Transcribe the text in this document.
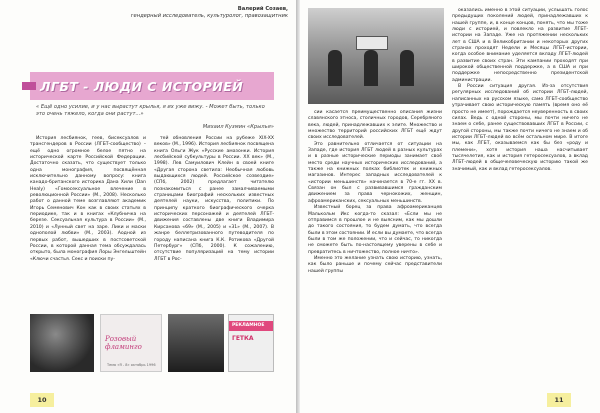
Валерий Созаев,
гендерный исследователь, культуролог, правозащитник
ЛГБТ - ЛЮДИ С ИСТОРИЕЙ
« Ещё одно усилие, и у нас вырастут крылья, я их уже вижу. - Может быть, только это очень тяжело, когда они растут...»
Михаил Кузмин «Крылья»

История лесбиянок, геев, бисексуалов и трансгендеров в России (ЛГБТ-сообщество) – ещё одно огромное белое пятно на исторической карте Российской Федерации. Достаточно сказать, что существует только одна монография, посвящённая исключительно данному вопросу: книга канадо-британского историка Дана Хили (Dan Healy) «Гомосексуальное влечение в революционной России» (М., 2008). Несколько работ о данной теме возглавляют академик Игорь Семенович Кон как в своих статьях в периодике, так и в книгах «Клубничка на березе. Сексуальная культура в России» (М., 2010) и «Лунный свет на заре. Лики и маски однополой любви» (М., 2003). Аодной из первых работ, вышедших в постсоветской России, в которой данная тема обсуждалась открыто, была монография Лоры Энгельштейн «Ключи счастья. Секс и поиски пу-

тей обновления России на рубеже XIX-XX веков» (М., 1996). История лесбиянок посвящена книга Ольги Жук «Русские амазонки. История лесбийской субкультуры в России. XX век» (М., 1998). Лев Самуилович Клейн в своей книге «Другая сторона светила: Необычная любовь выдающихся людей. Российское созвездие» (СПб, 2002) предлагает читателю познакомиться с ранее замалчиваемыми страницами биографий нескольких известных деятелей науки, искусства, политики. По принципу краткого биографического очерка исторических персонажей и деятелей ЛГБТ-движения составлены две книги Владимира Кирсанова «69» (М., 2005) и «31» (М., 2007). В жанре беллетризованного путеводителя по городу написана книга К.К. Ротикова «Другой Петербург» (СПб, 2000). К сожалению, отсутствие популяризаций на тему истории ЛГБТ в Рос-

Розовый фламинго
Тема «Я - 8» октябрь 1996
РЕКЛАМНОЕ
ГЕТКА
10

сии касается преимущественно описания жизни славянского этноса, столичных городов, Серебряного века, людей, принадлежавших к элите. Множество и множество территорий российских ЛГБТ ещё ждут своих исследователей.

Это равнительно отличается от ситуации на Западе, где история ЛГБТ людей в разных культурах и в разные исторические периоды занимает своё место среди научных исторических исследований, а также на книжных полках библиотек и книжных магазинов. Интерес западных исследователей к «истории меньшинств» начинается в 70-е гг. XX в. Связан он был с развивавшимся гражданским движением за права чернокожих, женщин, афроамериканских, сексуальных меньшинств.

Известный борец за права афроамериканцев Малькольм Икс когда-то сказал: «Если мы не отправимся в прошлое и не выясним, как мы дошли до такого состояния, то будем думать, что всегда были в этом состоянии. И если вы думаете, что всегда были в том же положении, что и сейчас, то никогда не сможете быть по-настоящему уверены в себе и превратитесь в ничтожество, полное ничто».

Именно это желание узнать свою историю, узнать, как было раньше и почему сейчас представители нашей группы

оказались именно в этой ситуации, услышать голос предыдущих поколений людей, принадлежавших к нашей группе, и, в конце концов, понять, что мы тоже люди с историей, и повлекло на развитие ЛГБТ-истории на Западе. Уже на протяжении нескольких лет в США и в Великобритании и некоторых других странах проходят Недели и Месяцы ЛГБТ-истории, когда особое внимание уделяется вкладу ЛГБТ-людей в развитие своих стран. Эти кампании проходят при широкой общественной поддержке, а в США и при поддержке непосредственно президентской администрации.

В России ситуация другая. Из-за отсутствия регулярных исследований об истории ЛГБТ-людей, написанных на русском языке, само ЛГБТ-сообщество утрачивает свою историческую память (время оно её просто не имеет), порождается неуверенность в своих силах. Ведь с одной стороны, мы почти ничего не знаем о себе, ранее существовавших ЛГБТ в России, с другой стороны, мы также почти ничего не знаем и об истории ЛГБТ-людей во всём остальном мире. В итоге мы, как ЛГБТ, оказываемся как бы без «роду и племени», хотя история наша насчитывает тысячелетия, как и история гетеросексуалов, а вклад ЛГБТ-людей в общечеловеческую историю такой же значимый, как и вклад гетеросексуалов.

11
